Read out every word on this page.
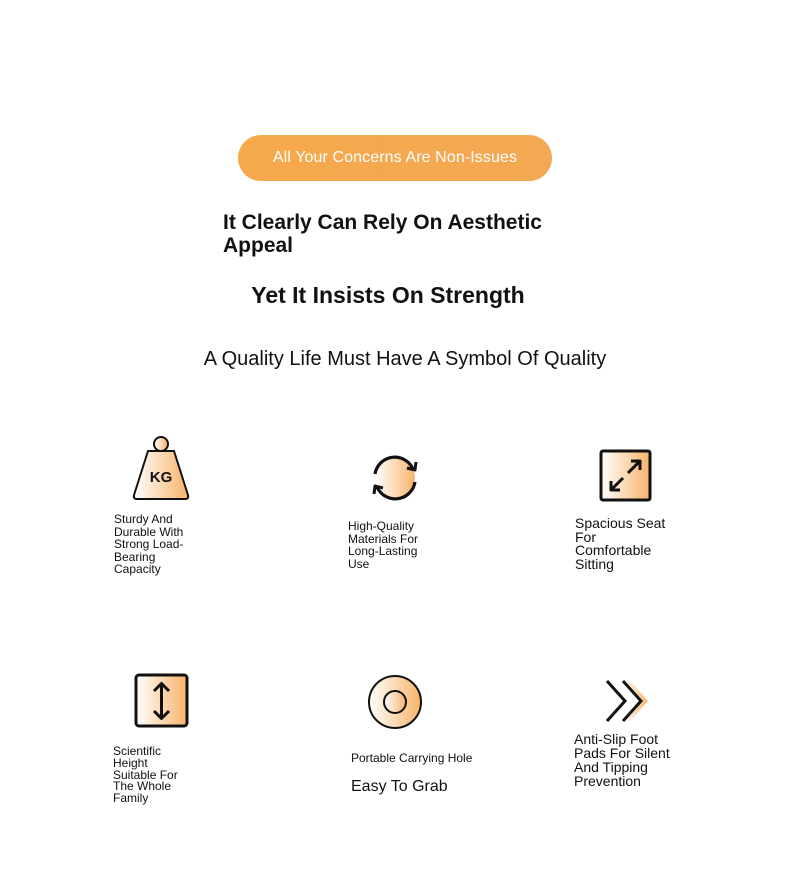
All Your Concerns Are Non-Issues
It Clearly Can Rely On Aesthetic Appeal
Yet It Insists On Strength
A Quality Life Must Have A Symbol Of Quality
KG
Sturdy And Durable With Strong Load-Bearing Capacity
High-Quality Materials For Long-Lasting Use
Spacious Seat For Comfortable Sitting
Scientific Height Suitable For The Whole Family
Portable Carrying Hole
Easy To Grab
Anti-Slip Foot Pads For Silent And Tipping Prevention
